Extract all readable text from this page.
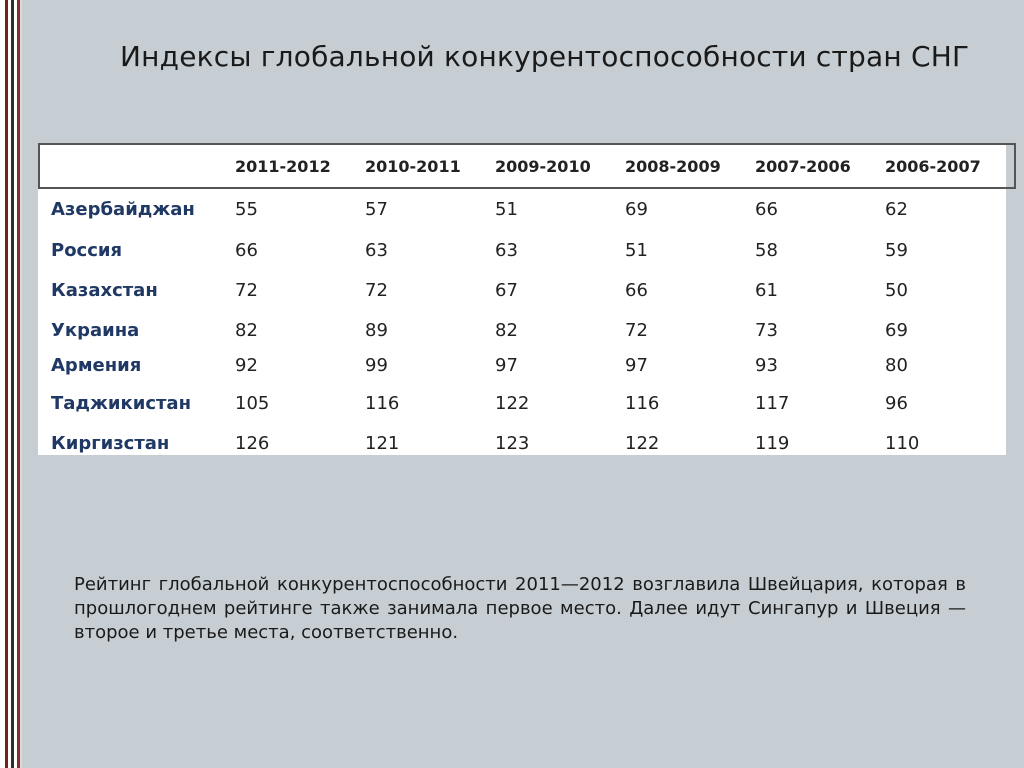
Индексы глобальной конкурентоспособности стран СНГ
	2011-2012	2010-2011	2009-2010	2008-2009	2007-2006	2006-2007
Азербайджан	55	57	51	69	66	62
Россия	66	63	63	51	58	59
Казахстан	72	72	67	66	61	50
Украина	82	89	82	72	73	69
Армения	92	99	97	97	93	80
Таджикистан	105	116	122	116	117	96
Киргизстан	126	121	123	122	119	110

Рейтинг глобальной конкурентоспособности 2011—2012 возглавила Швейцария, которая в прошлогоднем рейтинге также занимала первое место. Далее идут Сингапур и Швеция — второе и третье места, соответственно.
